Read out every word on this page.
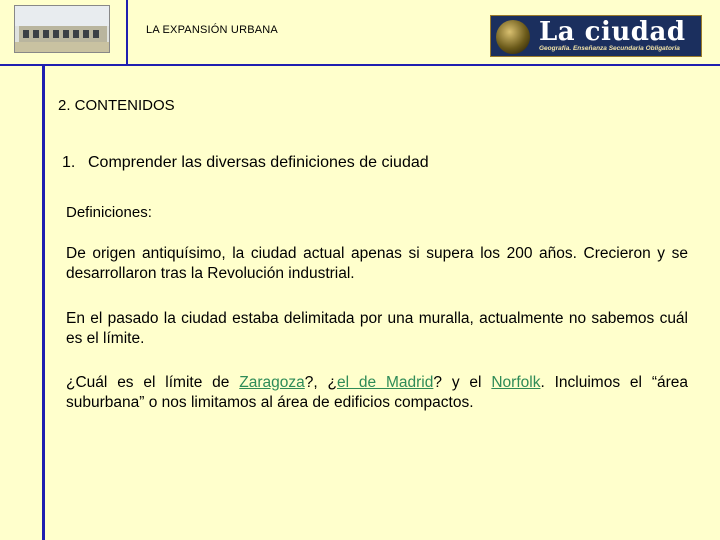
LA EXPANSIÓN URBANA	La ciudad
Geografía. Enseñanza Secundaria Obligatoria
2. CONTENIDOS
1. Comprender las diversas definiciones de ciudad
Definiciones:
De origen antiquísimo, la ciudad actual apenas si supera los 200 años. Crecieron y se desarrollaron tras la Revolución industrial.
En el pasado la ciudad estaba delimitada por una muralla, actualmente no sabemos cuál es el límite.
¿Cuál es el límite de Zaragoza?, ¿el de Madrid? y el Norfolk. Incluimos el “área suburbana” o nos limitamos al área de edificios compactos.
